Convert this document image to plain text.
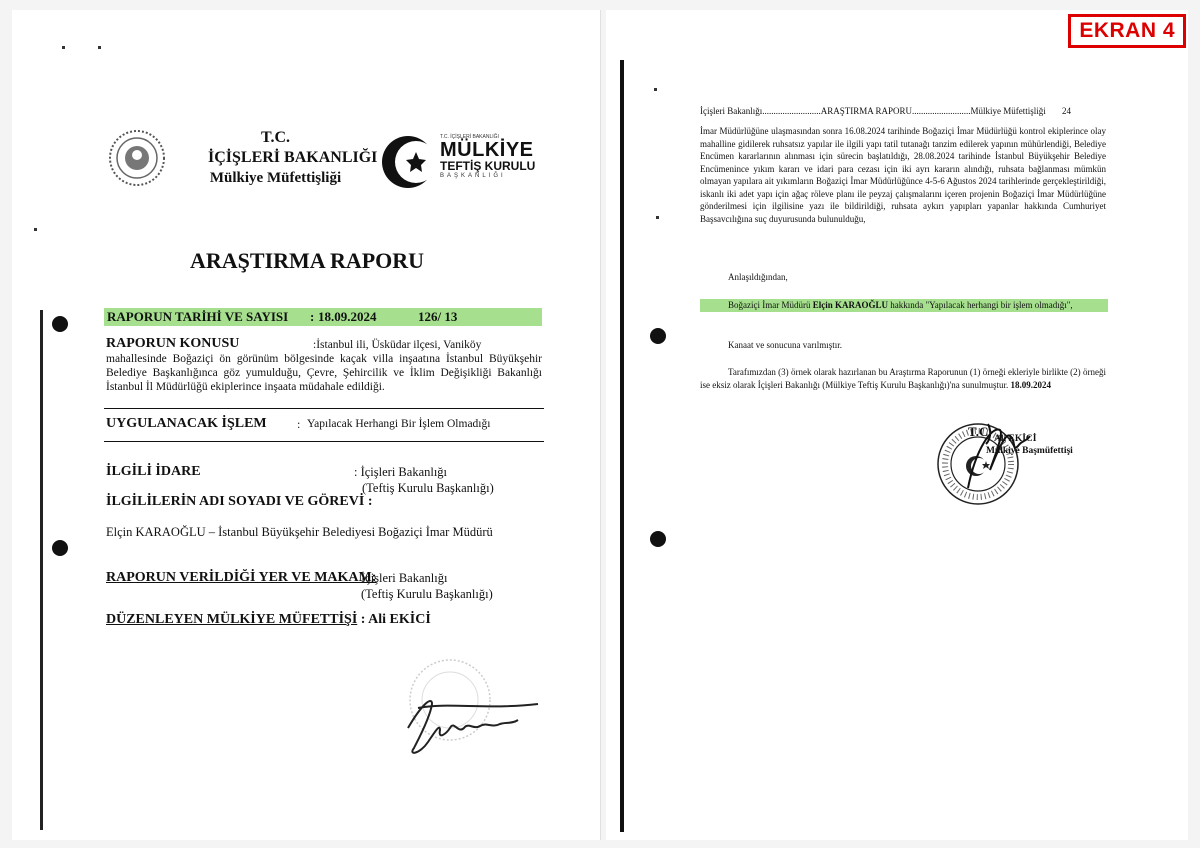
T.C.
İÇİŞLERİ BAKANLIĞI
Mülkiye Müfettişliği
T.C. İÇİŞLERİ BAKANLIĞI
MÜLKİYE
TEFTİŞ KURULU
BAŞKANLIĞI
ARAŞTIRMA RAPORU
RAPORUN TARİHİ VE SAYISI : 18.09.2024	126/ 13
RAPORUN KONUSU	:İstanbul ili, Üsküdar ilçesi, Vaniköy
mahallesinde Boğaziçi ön görünüm bölgesinde kaçak villa inşaatına İstanbul Büyükşehir Belediye Başkanlığınca göz yumulduğu, Çevre, Şehircilik ve İklim Değişikliği Bakanlığı İstanbul İl Müdürlüğü ekiplerince inşaata müdahale edildiği.
UYGULANACAK İŞLEM	: Yapılacak Herhangi Bir İşlem Olmadığı
İLGİLİ İDARE	: İçişleri Bakanlığı
(Teftiş Kurulu Başkanlığı)
İLGİLİLERİN ADI SOYADI VE GÖREVİ :
Elçin KARAOĞLU – İstanbul Büyükşehir Belediyesi Boğaziçi İmar Müdürü
RAPORUN VERİLDİĞİ YER VE MAKAM:
İçişleri Bakanlığı
(Teftiş Kurulu Başkanlığı)
DÜZENLEYEN MÜLKİYE MÜFETTİŞİ : Ali EKİCİ
İçişleri Bakanlığı..........................ARAŞTIRMA RAPORU..........................Mülkiye Müfettişliği 24
İmar Müdürlüğüne ulaşmasından sonra 16.08.2024 tarihinde Boğaziçi İmar Müdürlüğü kontrol ekiplerince olay mahalline gidilerek ruhsatsız yapılar ile ilgili yapı tatil tutanağı tanzim edilerek yapının mühürlendiği, Belediye Encümen kararlarının alınması için sürecin başlatıldığı, 28.08.2024 tarihinde İstanbul Büyükşehir Belediye Encümenince yıkım kararı ve idari para cezası için iki ayrı kararın alındığı, ruhsata bağlanması mümkün olmayan yapılara ait yıkımların Boğaziçi İmar Müdürlüğünce 4-5-6 Ağustos 2024 tarihlerinde gerçekleştirildiği, iskanlı iki adet yapı için ağaç röleve planı ile peyzaj çalışmalarını içeren projenin Boğaziçi İmar Müdürlüğüne gönderilmesi için ilgilisine yazı ile bildirildiği, ruhsata aykırı yapıpları yapanlar hakkında Cumhuriyet Başsavcılığına suç duyurusunda bulunulduğu,
Anlaşıldığından,
Boğaziçi İmar Müdürü Elçin KARAOĞLU hakkında "Yapılacak herhangi bir işlem olmadığı",
Kanaat ve sonucuna varılmıştır.
Tarafımızdan (3) örnek olarak hazırlanan bu Araştırma Raporunun (1) örneği ekleriyle birlikte (2) örneği ise eksiz olarak İçişleri Bakanlığı (Mülkiye Teftiş Kurulu Başkanlığı)'na sunulmuştur. 18.09.2024
T.C. Ali EKİCİ
Mülkiye Başmüfettişi
EKRAN 4
